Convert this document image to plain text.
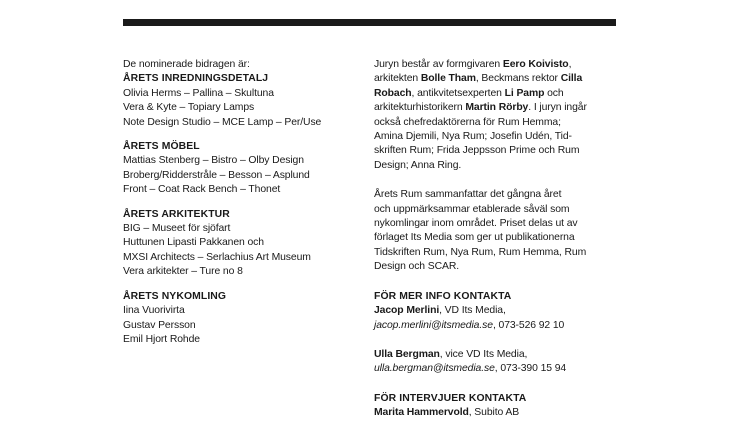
De nominerade bidragen är:

ÅRETS INREDNINGSDETALJ

Olivia Herms – Pallina – Skultuna

Vera & Kyte – Topiary Lamps

Note Design Studio – MCE Lamp – Per/Use

ÅRETS MÖBEL

Mattias Stenberg – Bistro – Olby Design

Broberg/Ridderstråle – Besson – Asplund

Front – Coat Rack Bench – Thonet

ÅRETS ARKITEKTUR

BIG – Museet för sjöfart

Huttunen Lipasti Pakkanen och

MXSI Architects – Serlachius Art Museum

Vera arkitekter – Ture no 8

ÅRETS NYKOMLING

Iina Vuorivirta

Gustav Persson

Emil Hjort Rohde

Juryn består av formgivaren Eero Koivisto,

arkitekten Bolle Tham, Beckmans rektor Cilla

Robach, antikvitetsexperten Li Pamp och

arkitekturhistorikern Martin Rörby. I juryn ingår

också chefredaktörerna för Rum Hemma;

Amina Djemili, Nya Rum; Josefin Udén, Tid-

skriften Rum; Frida Jeppsson Prime och Rum

Design; Anna Ring.

Årets Rum sammanfattar det gångna året

och uppmärksammar etablerade såväl som

nykomlingar inom området. Priset delas ut av

förlaget Its Media som ger ut publikationerna

Tidskriften Rum, Nya Rum, Rum Hemma, Rum

Design och SCAR.

FÖR MER INFO KONTAKTA

Jacop Merlini, VD Its Media,

jacop.merlini@itsmedia.se, 073-526 92 10

Ulla Bergman, vice VD Its Media,

ulla.bergman@itsmedia.se, 073-390 15 94

FÖR INTERVJUER KONTAKTA

Marita Hammervold, Subito AB
